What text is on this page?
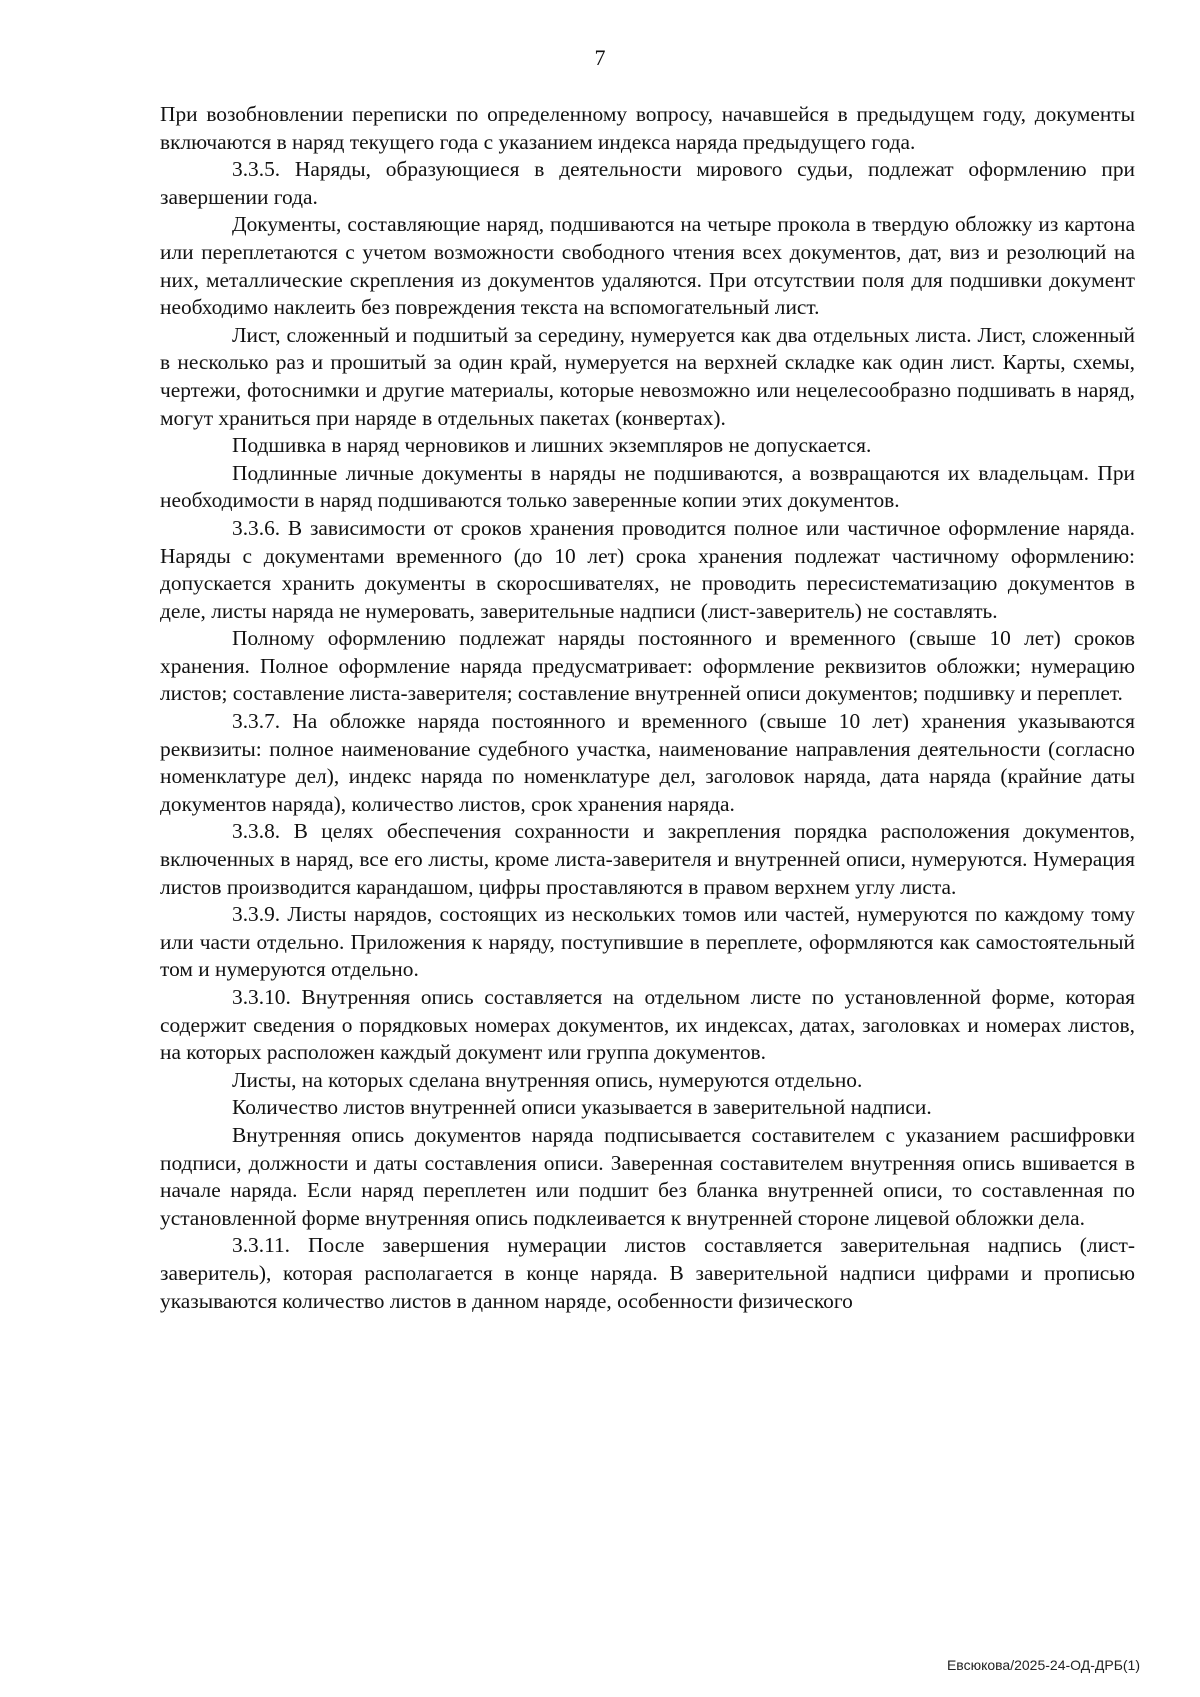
7

При возобновлении переписки по определенному вопросу, начавшейся в предыдущем году, документы включаются в наряд текущего года с указанием индекса наряда предыдущего года.

3.3.5. Наряды, образующиеся в деятельности мирового судьи, подлежат оформлению при завершении года.

Документы, составляющие наряд, подшиваются на четыре прокола в твердую обложку из картона или переплетаются с учетом возможности свободного чтения всех документов, дат, виз и резолюций на них, металлические скрепления из документов удаляются. При отсутствии поля для подшивки документ необходимо наклеить без повреждения текста на вспомогательный лист.

Лист, сложенный и подшитый за середину, нумеруется как два отдельных листа. Лист, сложенный в несколько раз и прошитый за один край, нумеруется на верхней складке как один лист. Карты, схемы, чертежи, фотоснимки и другие материалы, которые невозможно или нецелесообразно подшивать в наряд, могут храниться при наряде в отдельных пакетах (конвертах).

Подшивка в наряд черновиков и лишних экземпляров не допускается.

Подлинные личные документы в наряды не подшиваются, а возвращаются их владельцам. При необходимости в наряд подшиваются только заверенные копии этих документов.

3.3.6. В зависимости от сроков хранения проводится полное или частичное оформление наряда. Наряды с документами временного (до 10 лет) срока хранения подлежат частичному оформлению: допускается хранить документы в скоросшивателях, не проводить пересистематизацию документов в деле, листы наряда не нумеровать, заверительные надписи (лист-заверитель) не составлять.

Полному оформлению подлежат наряды постоянного и временного (свыше 10 лет) сроков хранения. Полное оформление наряда предусматривает: оформление реквизитов обложки; нумерацию листов; составление листа-заверителя; составление внутренней описи документов; подшивку и переплет.

3.3.7. На обложке наряда постоянного и временного (свыше 10 лет) хранения указываются реквизиты: полное наименование судебного участка, наименование направления деятельности (согласно номенклатуре дел), индекс наряда по номенклатуре дел, заголовок наряда, дата наряда (крайние даты документов наряда), количество листов, срок хранения наряда.

3.3.8. В целях обеспечения сохранности и закрепления порядка расположения документов, включенных в наряд, все его листы, кроме листа-заверителя и внутренней описи, нумеруются. Нумерация листов производится карандашом, цифры проставляются в правом верхнем углу листа.

3.3.9. Листы нарядов, состоящих из нескольких томов или частей, нумеруются по каждому тому или части отдельно. Приложения к наряду, поступившие в переплете, оформляются как самостоятельный том и нумеруются отдельно.

3.3.10. Внутренняя опись составляется на отдельном листе по установленной форме, которая содержит сведения о порядковых номерах документов, их индексах, датах, заголовках и номерах листов, на которых расположен каждый документ или группа документов.

Листы, на которых сделана внутренняя опись, нумеруются отдельно.

Количество листов внутренней описи указывается в заверительной надписи.

Внутренняя опись документов наряда подписывается составителем с указанием расшифровки подписи, должности и даты составления описи. Заверенная составителем внутренняя опись вшивается в начале наряда. Если наряд переплетен или подшит без бланка внутренней описи, то составленная по установленной форме внутренняя опись подклеивается к внутренней стороне лицевой обложки дела.

3.3.11. После завершения нумерации листов составляется заверительная надпись (лист-заверитель), которая располагается в конце наряда. В заверительной надписи цифрами и прописью указываются количество листов в данном наряде, особенности физического

Евсюкова/2025-24-ОД-ДРБ(1)
